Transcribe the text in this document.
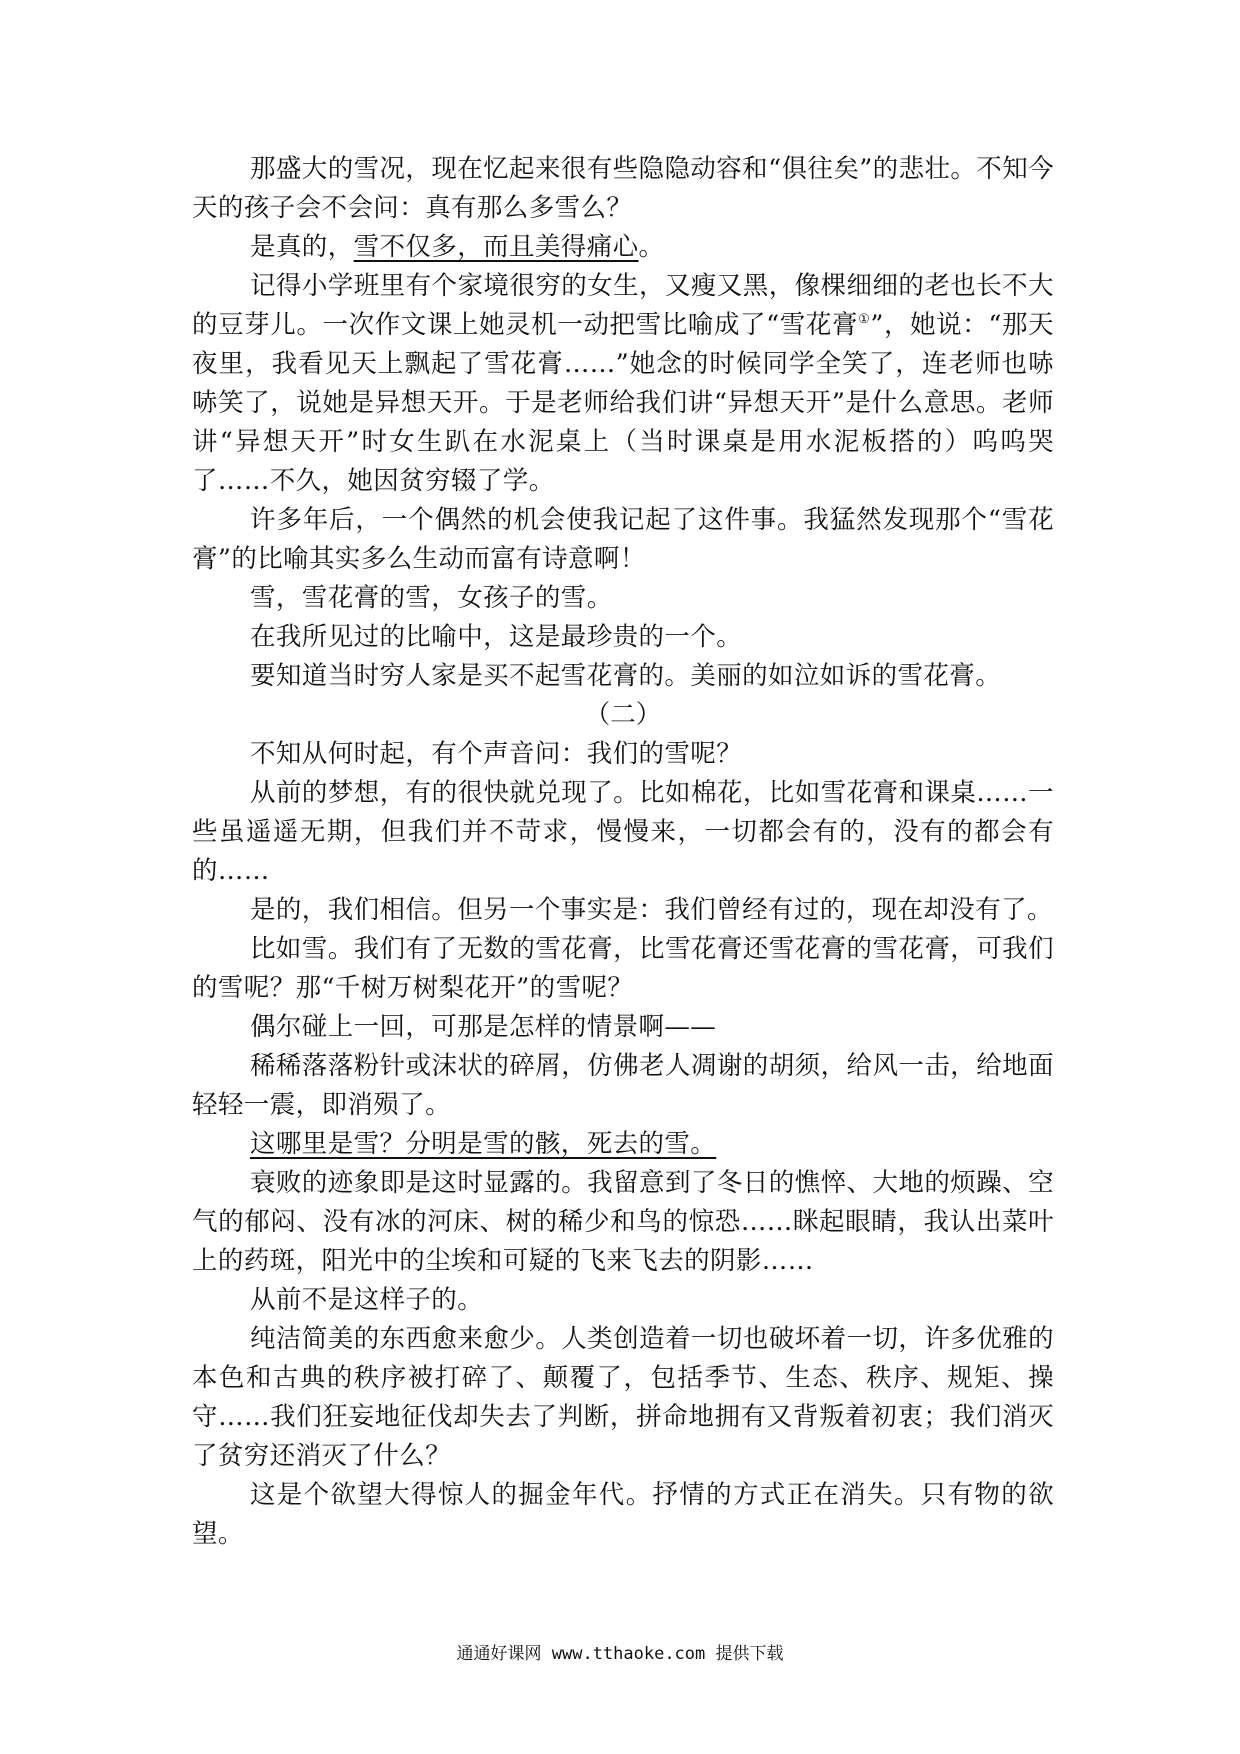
那盛大的雪况，现在忆起来很有些隐隐动容和“俱往矣”的悲壮。不知今天的孩子会不会问：真有那么多雪么？

是真的，雪不仅多，而且美得痛心。

记得小学班里有个家境很穷的女生，又瘦又黑，像棵细细的老也长不大的豆芽儿。一次作文课上她灵机一动把雪比喻成了“雪花膏①”，她说：“那天夜里，我看见天上飘起了雪花膏……”她念的时候同学全笑了，连老师也哧哧笑了，说她是异想天开。于是老师给我们讲“异想天开”是什么意思。老师讲“异想天开”时女生趴在水泥桌上（当时课桌是用水泥板搭的）呜呜哭了……不久，她因贫穷辍了学。

许多年后，一个偶然的机会使我记起了这件事。我猛然发现那个“雪花膏”的比喻其实多么生动而富有诗意啊！

雪，雪花膏的雪，女孩子的雪。

在我所见过的比喻中，这是最珍贵的一个。

要知道当时穷人家是买不起雪花膏的。美丽的如泣如诉的雪花膏。

（二）

不知从何时起，有个声音问：我们的雪呢？

从前的梦想，有的很快就兑现了。比如棉花，比如雪花膏和课桌……一些虽遥遥无期，但我们并不苛求，慢慢来，一切都会有的，没有的都会有的……

是的，我们相信。但另一个事实是：我们曾经有过的，现在却没有了。

比如雪。我们有了无数的雪花膏，比雪花膏还雪花膏的雪花膏，可我们的雪呢？那“千树万树梨花开”的雪呢？

偶尔碰上一回，可那是怎样的情景啊——

稀稀落落粉针或沫状的碎屑，仿佛老人凋谢的胡须，给风一击，给地面轻轻一震，即消殒了。

这哪里是雪？分明是雪的骸，死去的雪。

衰败的迹象即是这时显露的。我留意到了冬日的憔悴、大地的烦躁、空气的郁闷、没有冰的河床、树的稀少和鸟的惊恐……眯起眼睛，我认出菜叶上的药斑，阳光中的尘埃和可疑的飞来飞去的阴影……

从前不是这样子的。

纯洁简美的东西愈来愈少。人类创造着一切也破坏着一切，许多优雅的本色和古典的秩序被打碎了、颠覆了，包括季节、生态、秩序、规矩、操守……我们狂妄地征伐却失去了判断，拼命地拥有又背叛着初衷；我们消灭了贫穷还消灭了什么？

这是个欲望大得惊人的掘金年代。抒情的方式正在消失。只有物的欲望。

通通好课网 www.tthaoke.com 提供下载
